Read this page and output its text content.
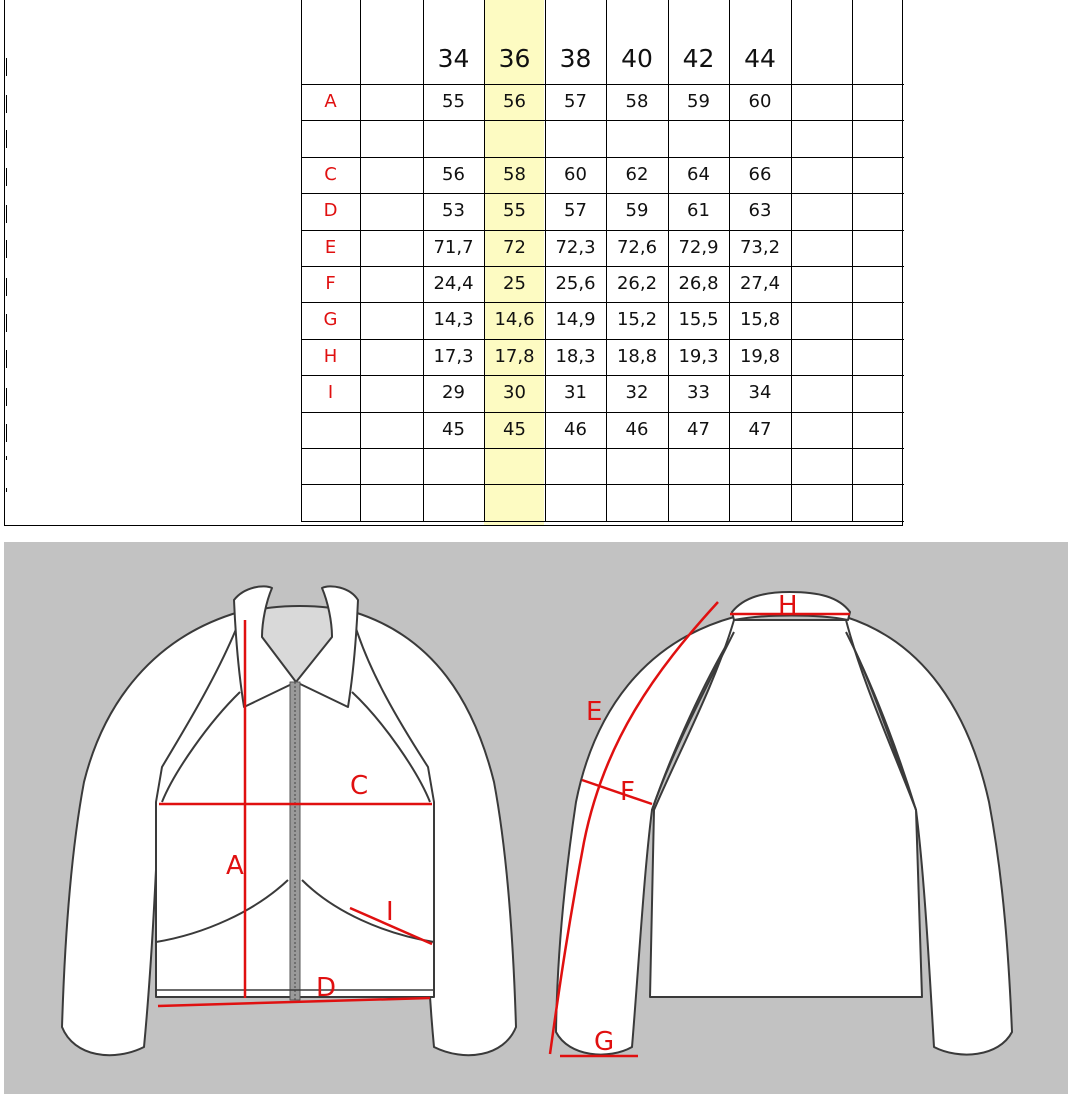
34	36	38	40	42	44
A	55	56	57	58	59	60
C	56	58	60	62	64	66
D	53	55	57	59	61	63
E	71,7	72	72,3	72,6	72,9	73,2
F	24,4	25	25,6	26,2	26,8	27,4
G	14,3	14,6	14,9	15,2	15,5	15,8
H	17,3	17,8	18,3	18,8	19,3	19,8
I	29	30	31	32	33	34
45	45	46	46	47	47
A
C
D
I
E
F
G
H
